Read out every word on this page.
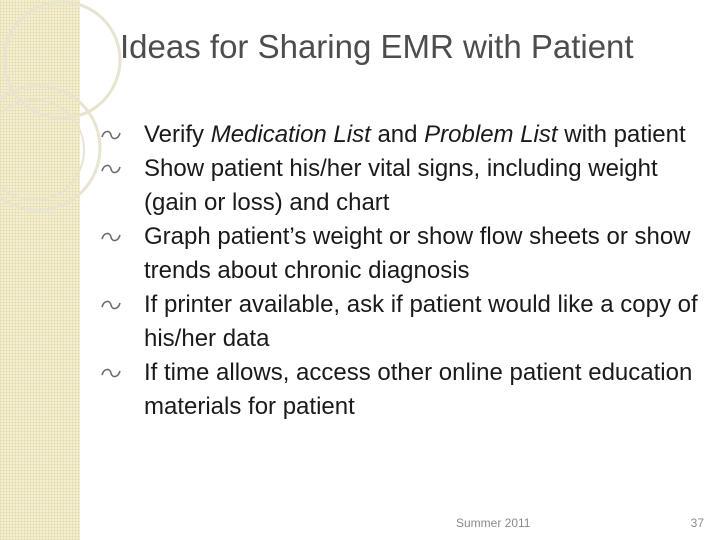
Ideas for Sharing EMR with Patient
Verify Medication List and Problem List with patient
Show patient his/her vital signs, including weight (gain or loss) and chart
Graph patient’s weight or show flow sheets or show trends about chronic diagnosis
If printer available, ask if patient would like a copy of his/her data
If time allows, access other online patient education materials for patient
Summer 2011	37
